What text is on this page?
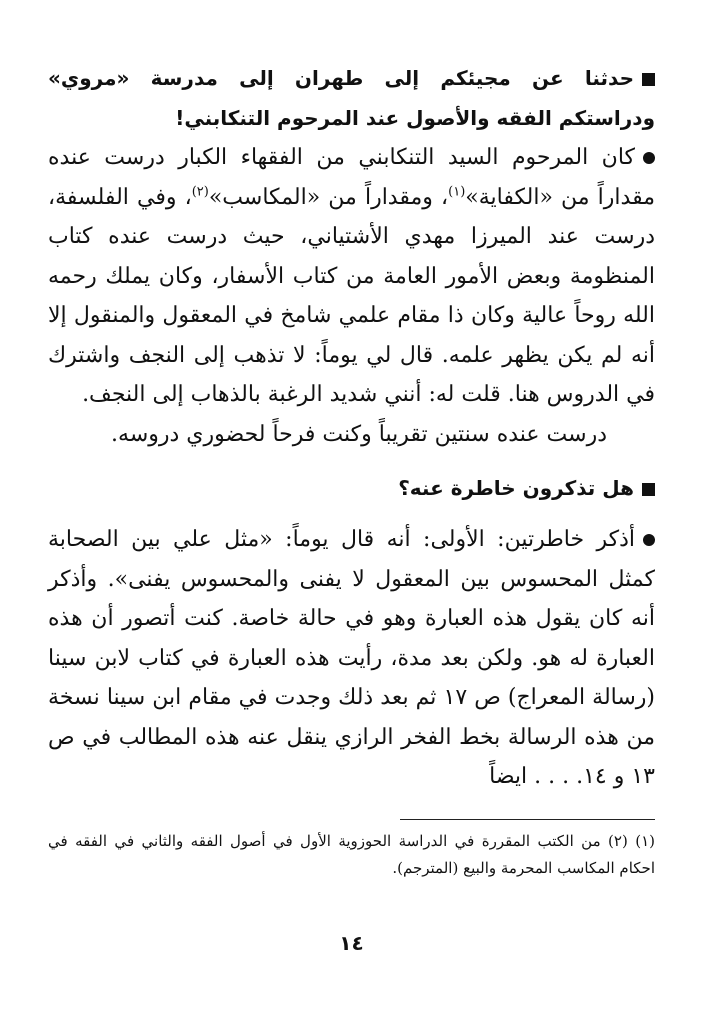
حدثنا عن مجيئكم إلى طهران إلى مدرسة «مروي» ودراستكم الفقه والأصول عند المرحوم التنكابني!

كان المرحوم السيد التنكابني من الفقهاء الكبار درست عنده مقداراً من «الكفاية»$^{(١)}$، ومقداراً من «المكاسب»$^{(٢)}$، وفي الفلسفة، درست عند الميرزا مهدي الأشتياني، حيث درست عنده كتاب المنظومة وبعض الأمور العامة من كتاب الأسفار، وكان يملك رحمه الله روحاً عالية وكان ذا مقام علمي شامخ في المعقول والمنقول إلا أنه لم يكن يظهر علمه. قال لي يوماً: لا تذهب إلى النجف واشترك في الدروس هنا. قلت له: أنني شديد الرغبة بالذهاب إلى النجف.

درست عنده سنتين تقريباً وكنت فرحاً لحضوري دروسه.

هل تذكرون خاطرة عنه؟

أذكر خاطرتين: الأولى: أنه قال يوماً: «مثل علي بين الصحابة كمثل المحسوس بين المعقول لا يفنى والمحسوس يفنى». وأذكر أنه كان يقول هذه العبارة وهو في حالة خاصة. كنت أتصور أن هذه العبارة له هو. ولكن بعد مدة، رأيت هذه العبارة في كتاب لابن سينا (رسالة المعراج) ص ١٧ ثم بعد ذلك وجدت في مقام ابن سينا نسخة من هذه الرسالة بخط الفخر الرازي ينقل عنه هذه المطالب في ص ١٣ و ١٤. . . . ايضاً

(١) (٢) من الكتب المقررة في الدراسة الحوزوية الأول في أصول الفقه والثاني في الفقه في احكام المكاسب المحرمة والبيع (المترجم).

١٤
